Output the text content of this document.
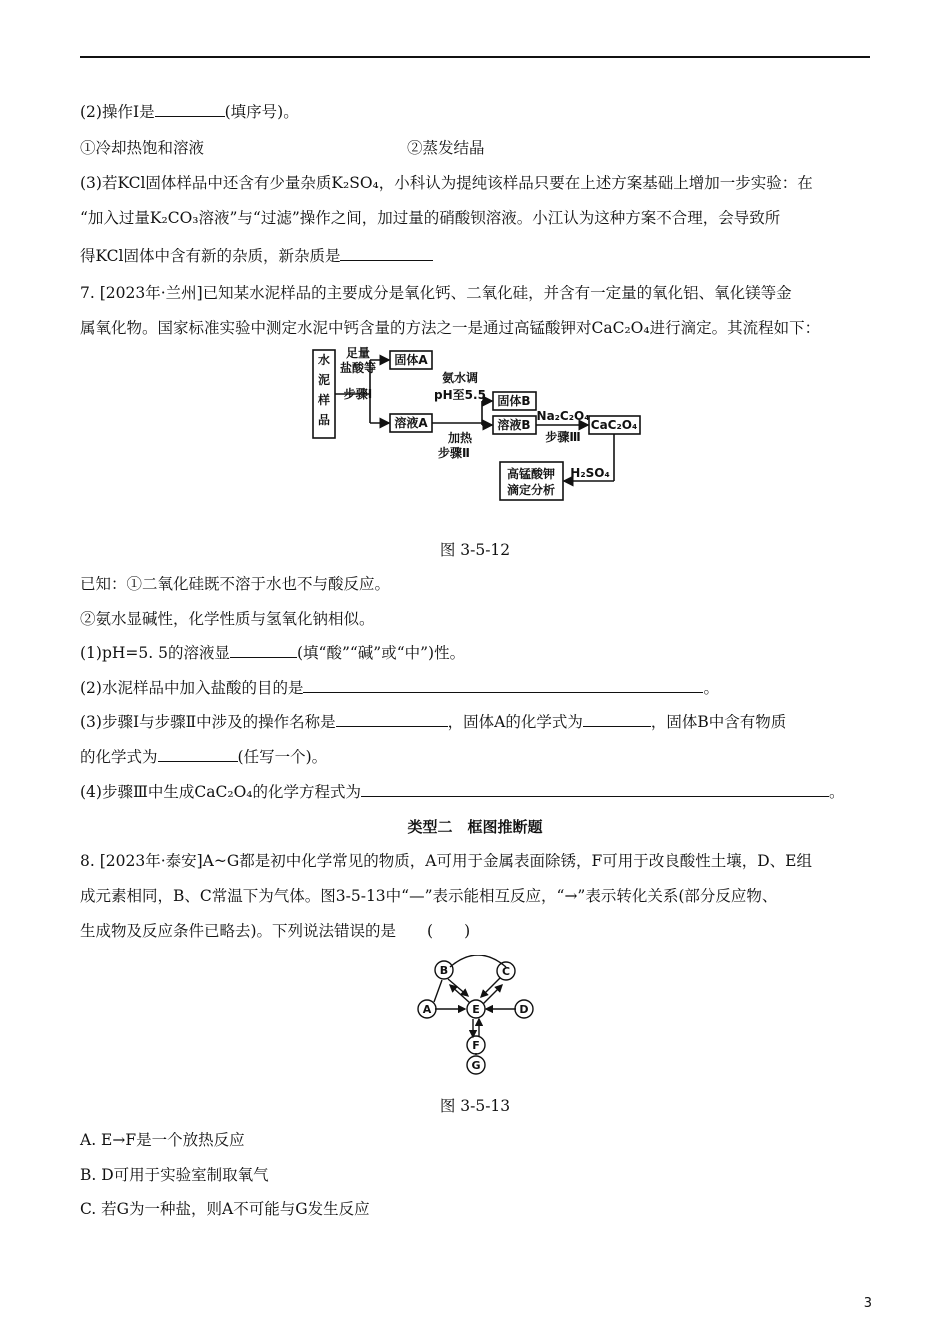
(2)操作Ⅰ是	(填序号)。
①冷却热饱和溶液	②蒸发结晶
(3)若KCl固体样品中还含有少量杂质K₂SO₄，小科认为提纯该样品只要在上述方案基础上增加一步实验：在
“加入过量K₂CO₃溶液”与“过滤”操作之间，加过量的硝酸钡溶液。小江认为这种方案不合理，会导致所
得KCl固体中含有新的杂质，新杂质是
7. [2023年·兰州]已知某水泥样品的主要成分是氧化钙、二氧化硅，并含有一定量的氧化铝、氧化镁等金
属氧化物。国家标准实验中测定水泥中钙含量的方法之一是通过高锰酸钾对CaC₂O₄进行滴定。其流程如下：
水
泥
样
品
足量
盐酸等
步骤Ⅰ
固体A
溶液A
氨水调
pH至5.5
加热
步骤Ⅱ
固体B
溶液B
Na₂C₂O₄
步骤Ⅲ
CaC₂O₄
H₂SO₄
高锰酸钾
滴定分析
图 3-5-12
已知：①二氧化硅既不溶于水也不与酸反应。
②氨水显碱性，化学性质与氢氧化钠相似。
(1)pH=5. 5的溶液显	(填“酸”“碱”或“中”)性。
(2)水泥样品中加入盐酸的目的是	。
(3)步骤Ⅰ与步骤Ⅱ中涉及的操作名称是	，固体A的化学式为	，固体B中含有物质
的化学式为	(任写一个)。
(4)步骤Ⅲ中生成CaC₂O₄的化学方程式为	。
类型二　框图推断题
8. [2023年·泰安]A~G都是初中化学常见的物质，A可用于金属表面除锈，F可用于改良酸性土壤，D、E组
成元素相同，B、C常温下为气体。图3-5-13中“—”表示能相互反应，“→”表示转化关系(部分反应物、
生成物及反应条件已略去)。下列说法错误的是　　(　　)
B	C
A	E	D
F
G
图 3-5-13
A. E→F是一个放热反应
B. D可用于实验室制取氧气
C. 若G为一种盐，则A不可能与G发生反应
3
